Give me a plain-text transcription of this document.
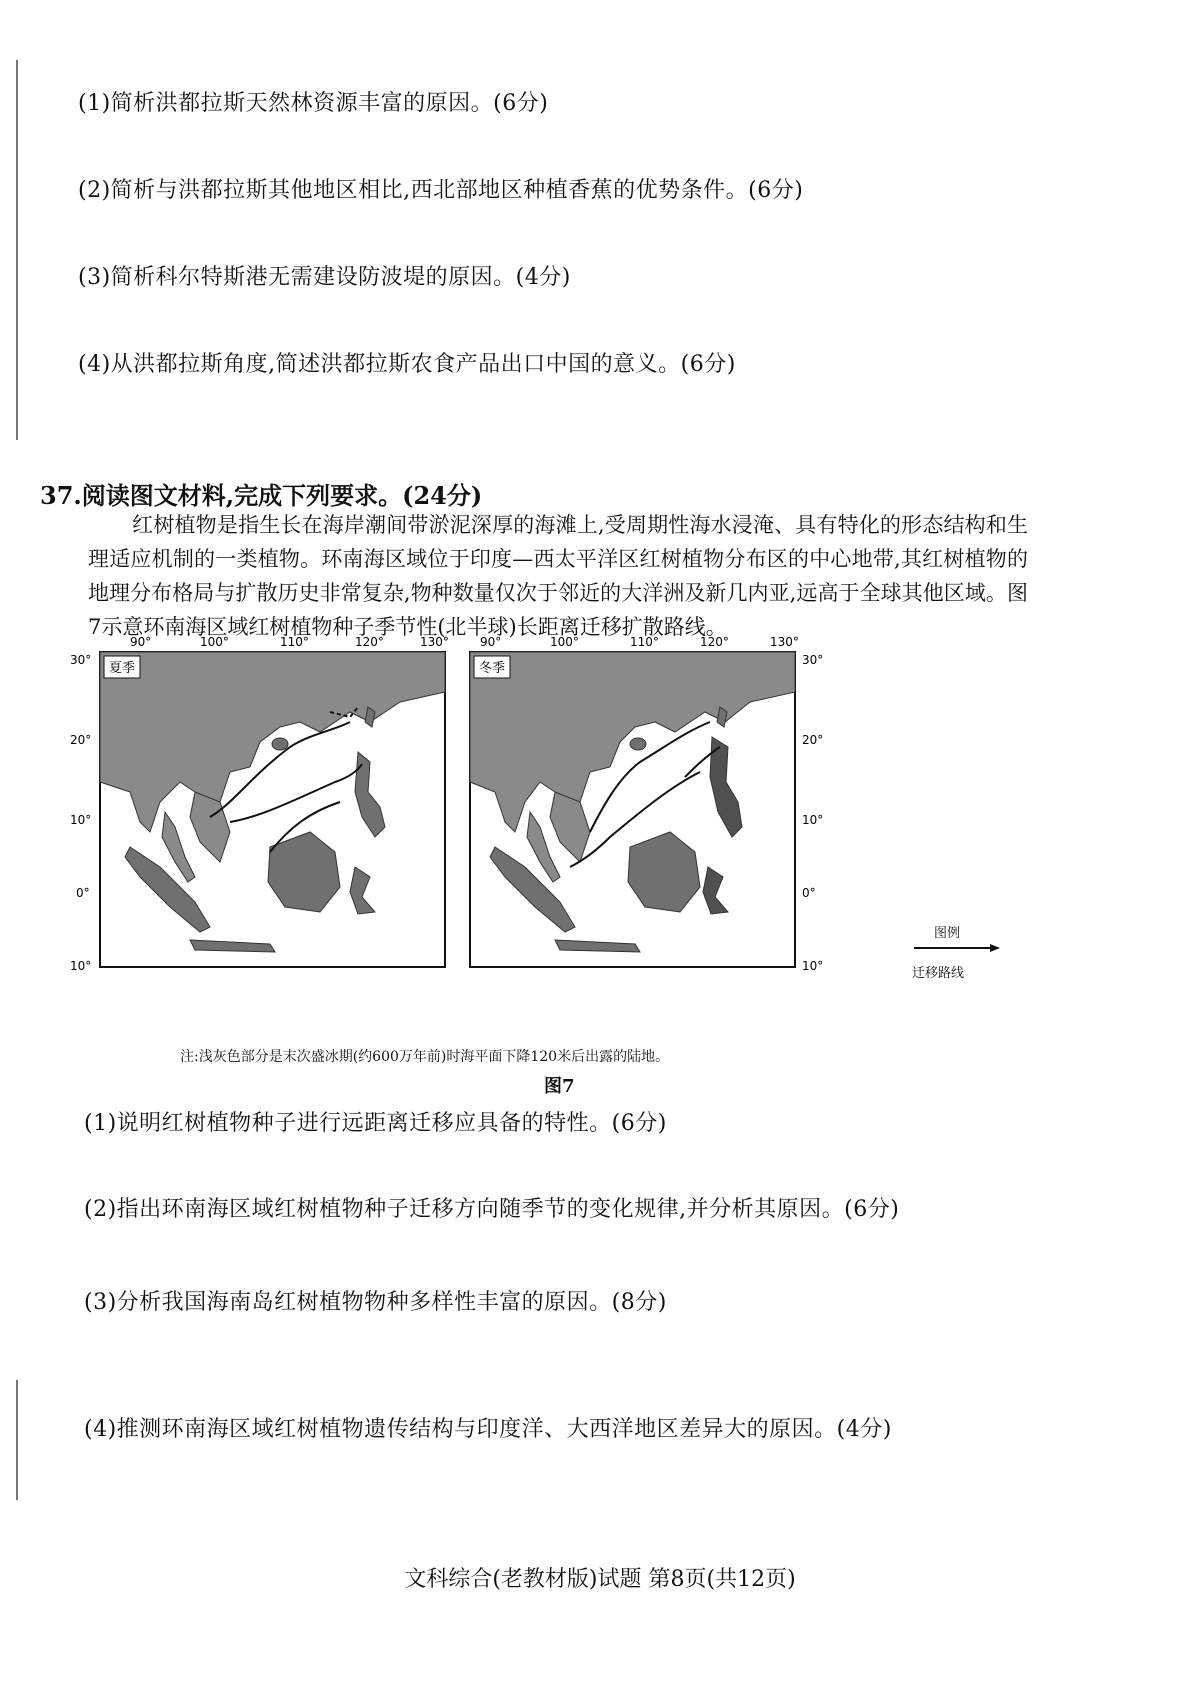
(1)简析洪都拉斯天然林资源丰富的原因。(6分)
(2)简析与洪都拉斯其他地区相比,西北部地区种植香蕉的优势条件。(6分)
(3)简析科尔特斯港无需建设防波堤的原因。(4分)
(4)从洪都拉斯角度,简述洪都拉斯农食产品出口中国的意义。(6分)
37.阅读图文材料,完成下列要求。(24分)
红树植物是指生长在海岸潮间带淤泥深厚的海滩上,受周期性海水浸淹、具有特化的形态结构和生理适应机制的一类植物。环南海区域位于印度—西太平洋区红树植物分布区的中心地带,其红树植物的地理分布格局与扩散历史非常复杂,物种数量仅次于邻近的大洋洲及新几内亚,远高于全球其他区域。图7示意环南海区域红树植物种子季节性(北半球)长距离迁移扩散路线。
夏季
90°	100°	110°	120°	130°
30°
20°
10°
0°
10°
冬季
90°	100°	110°	120°	130°
30°
20°
10°
0°
10°
图例
迁移路线
注:浅灰色部分是末次盛冰期(约600万年前)时海平面下降120米后出露的陆地。
图7
(1)说明红树植物种子进行远距离迁移应具备的特性。(6分)
(2)指出环南海区域红树植物种子迁移方向随季节的变化规律,并分析其原因。(6分)
(3)分析我国海南岛红树植物物种多样性丰富的原因。(8分)
(4)推测环南海区域红树植物遗传结构与印度洋、大西洋地区差异大的原因。(4分)
文科综合(老教材版)试题 第8页(共12页)
